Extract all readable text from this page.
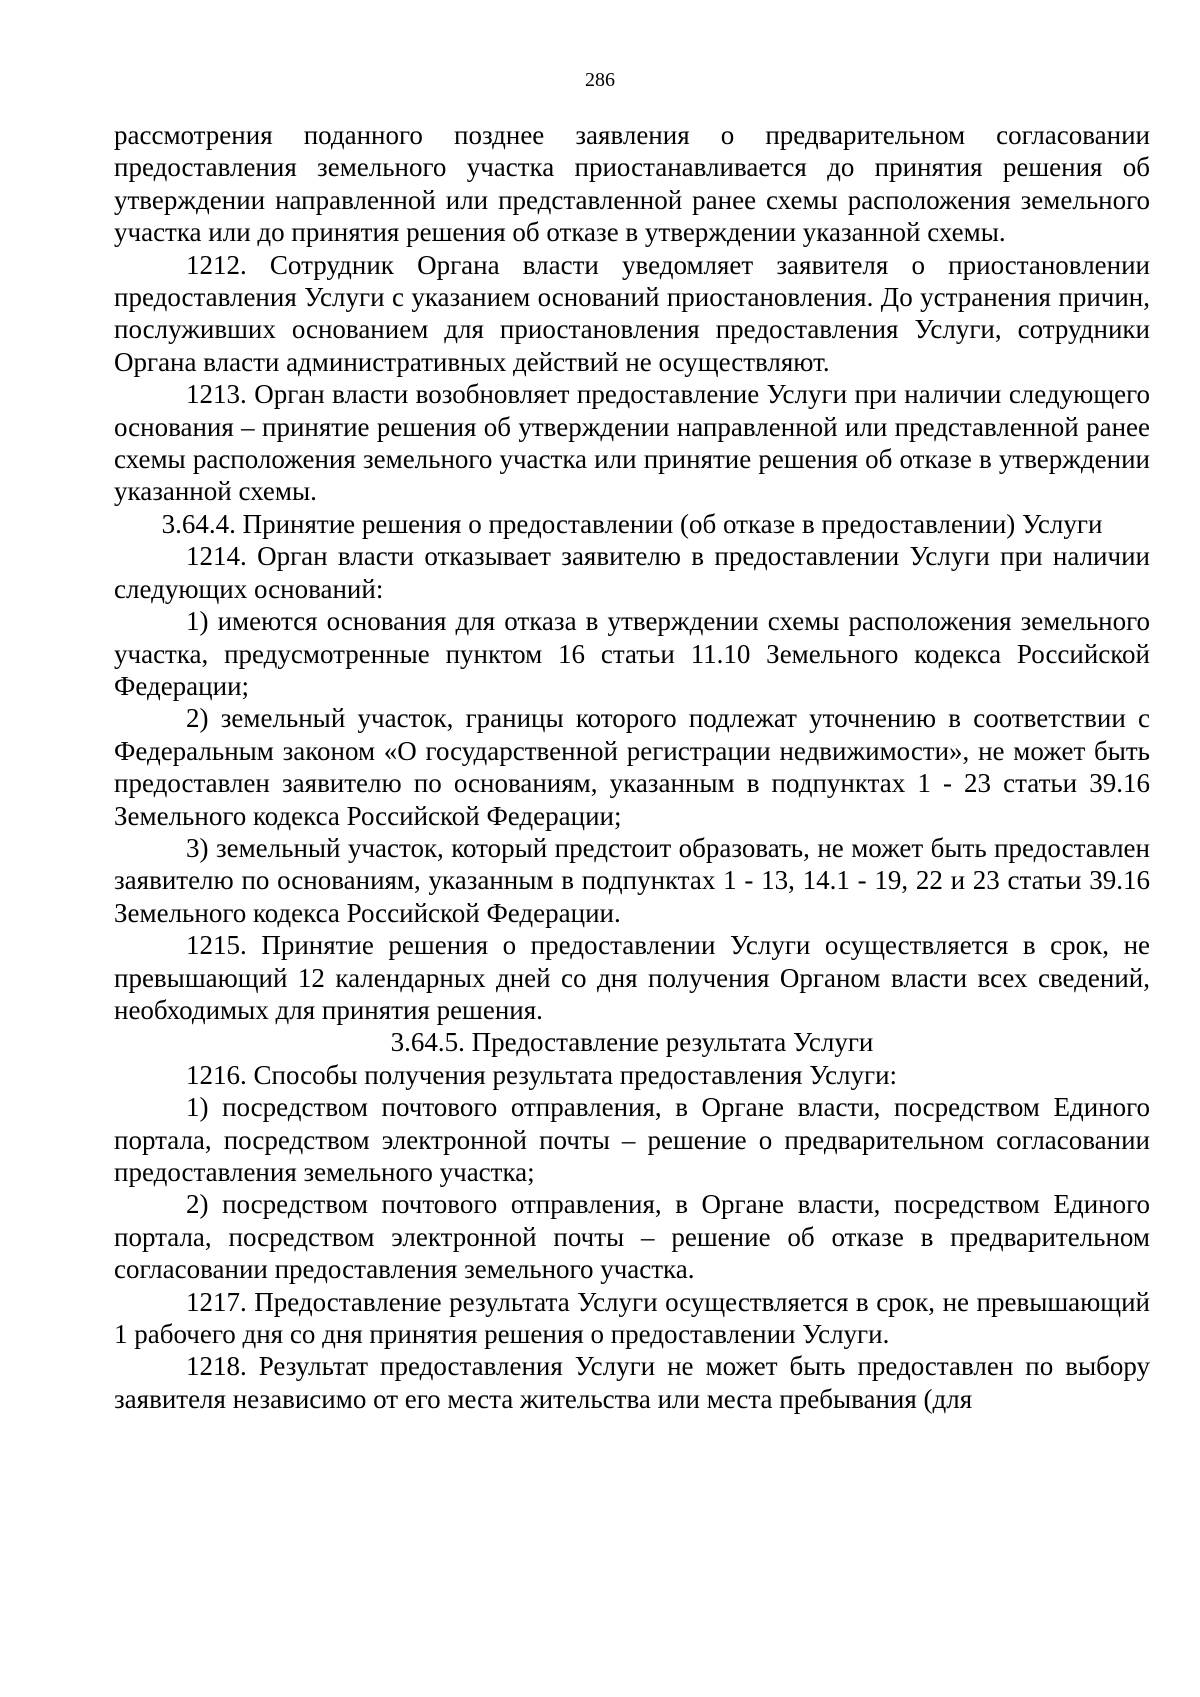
286

рассмотрения поданного позднее заявления о предварительном согласовании предоставления земельного участка приостанавливается до принятия решения об утверждении направленной или представленной ранее схемы расположения земельного участка или до принятия решения об отказе в утверждении указанной схемы.

1212. Сотрудник Органа власти уведомляет заявителя о приостановлении предоставления Услуги с указанием оснований приостановления. До устранения причин, послуживших основанием для приостановления предоставления Услуги, сотрудники Органа власти административных действий не осуществляют.

1213. Орган власти возобновляет предоставление Услуги при наличии следующего основания – принятие решения об утверждении направленной или представленной ранее схемы расположения земельного участка или принятие решения об отказе в утверждении указанной схемы.

3.64.4. Принятие решения о предоставлении (об отказе в предоставлении) Услуги

1214. Орган власти отказывает заявителю в предоставлении Услуги при наличии следующих оснований:

1) имеются основания для отказа в утверждении схемы расположения земельного участка, предусмотренные пунктом 16 статьи 11.10 Земельного кодекса Российской Федерации;

2) земельный участок, границы которого подлежат уточнению в соответствии с Федеральным законом «О государственной регистрации недвижимости», не может быть предоставлен заявителю по основаниям, указанным в подпунктах 1 - 23 статьи 39.16 Земельного кодекса Российской Федерации;

3) земельный участок, который предстоит образовать, не может быть предоставлен заявителю по основаниям, указанным в подпунктах 1 - 13, 14.1 - 19, 22 и 23 статьи 39.16 Земельного кодекса Российской Федерации.

1215. Принятие решения о предоставлении Услуги осуществляется в срок, не превышающий 12 календарных дней со дня получения Органом власти всех сведений, необходимых для принятия решения.

3.64.5. Предоставление результата Услуги

1216. Способы получения результата предоставления Услуги:

1) посредством почтового отправления, в Органе власти, посредством Единого портала, посредством электронной почты – решение о предварительном согласовании предоставления земельного участка;

2) посредством почтового отправления, в Органе власти, посредством Единого портала, посредством электронной почты – решение об отказе в предварительном согласовании предоставления земельного участка.

1217. Предоставление результата Услуги осуществляется в срок, не превышающий 1 рабочего дня со дня принятия решения о предоставлении Услуги.

1218. Результат предоставления Услуги не может быть предоставлен по выбору заявителя независимо от его места жительства или места пребывания (для
